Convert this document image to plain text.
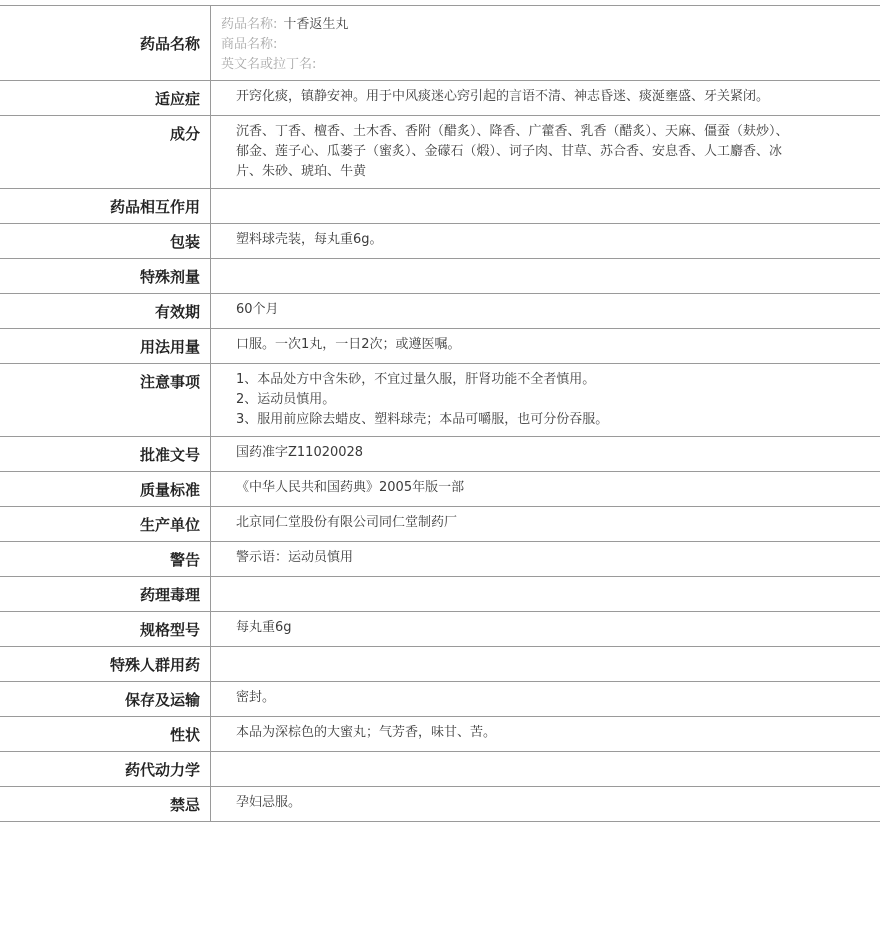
药品名称	药品名称: 十香返生丸
商品名称:
英文名或拉丁名:

适应症	开窍化痰，镇静安神。用于中风痰迷心窍引起的言语不清、神志昏迷、痰涎壅盛、牙关紧闭。
成分	沉香、丁香、檀香、土木香、香附（醋炙）、降香、广藿香、乳香（醋炙）、天麻、僵蚕（麸炒）、郁金、莲子心、瓜蒌子（蜜炙）、金礞石（煅）、诃子肉、甘草、苏合香、安息香、人工麝香、冰片、朱砂、琥珀、牛黄
药品相互作用	
包装	塑料球壳装，每丸重6g。
特殊剂量	
有效期	60个月
用法用量	口服。一次1丸，一日2次；或遵医嘱。
注意事项	1、本品处方中含朱砂，不宜过量久服，肝肾功能不全者慎用。
2、运动员慎用。
3、服用前应除去蜡皮、塑料球壳；本品可嚼服，也可分份吞服。

批准文号	国药准字Z11020028
质量标准	《中华人民共和国药典》2005年版一部
生产单位	北京同仁堂股份有限公司同仁堂制药厂
警告	警示语：运动员慎用
药理毒理	
规格型号	每丸重6g
特殊人群用药	
保存及运输	密封。
性状	本品为深棕色的大蜜丸；气芳香，味甘、苦。
药代动力学	
禁忌	孕妇忌服。
